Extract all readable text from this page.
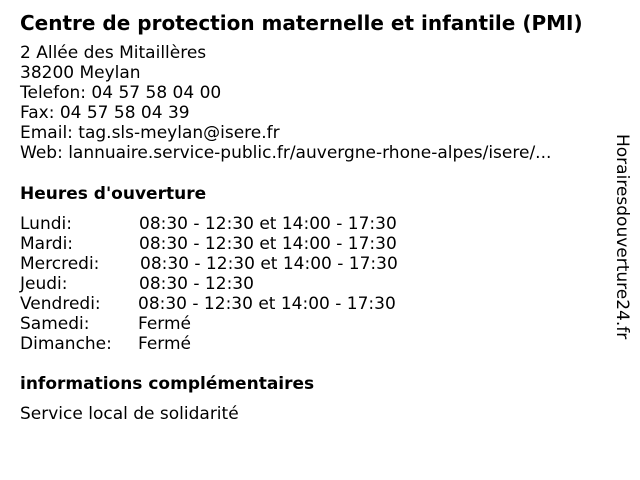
Centre de protection maternelle et infantile (PMI)
2 Allée des Mitaillères
38200 Meylan
Telefon: 04 57 58 04 00
Fax: 04 57 58 04 39
Email: tag.sls-meylan@isere.fr
Web: lannuaire.service-public.fr/auvergne-rhone-alpes/isere/...
Heures d'ouverture
Lundi:	08:30 - 12:30 et 14:00 - 17:30
Mardi:	08:30 - 12:30 et 14:00 - 17:30
Mercredi: 08:30 - 12:30 et 14:00 - 17:30
Jeudi:	08:30 - 12:30
Vendredi: 08:30 - 12:30 et 14:00 - 17:30
Samedi:	Fermé
Dimanche: Fermé
informations complémentaires
Service local de solidarité
Horairesdouverture24.fr
